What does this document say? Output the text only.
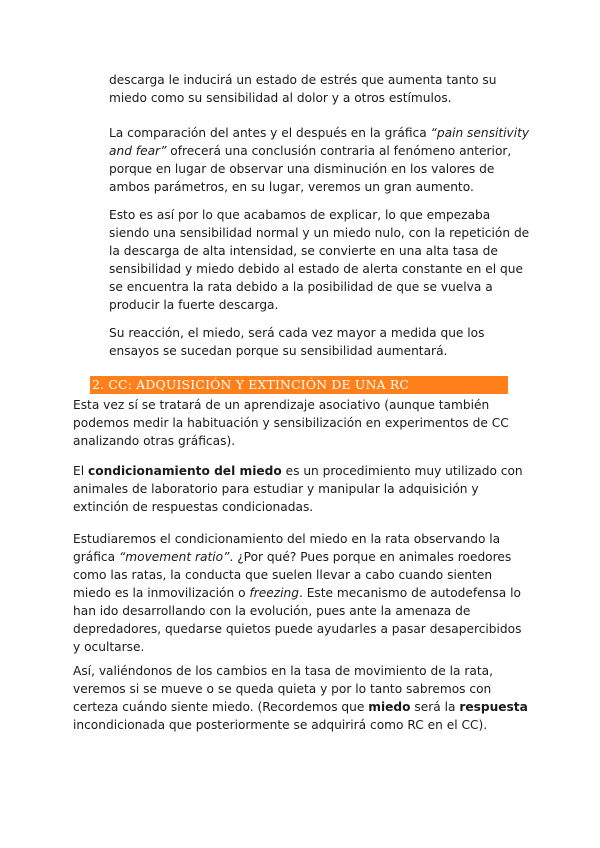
descarga le inducirá un estado de estrés que aumenta tanto su

miedo como su sensibilidad al dolor y a otros estímulos.

La comparación del antes y el después en la gráfica “pain sensitivity

and fear” ofrecerá una conclusión contraria al fenómeno anterior,

porque en lugar de observar una disminución en los valores de

ambos parámetros, en su lugar, veremos un gran aumento.

Esto es así por lo que acabamos de explicar, lo que empezaba

siendo una sensibilidad normal y un miedo nulo, con la repetición de

la descarga de alta intensidad, se convierte en una alta tasa de

sensibilidad y miedo debido al estado de alerta constante en el que

se encuentra la rata debido a la posibilidad de que se vuelva a

producir la fuerte descarga.

Su reacción, el miedo, será cada vez mayor a medida que los

ensayos se sucedan porque su sensibilidad aumentará.

2. CC: ADQUISICIÓN Y EXTINCIÓN DE UNA RC

Esta vez sí se tratará de un aprendizaje asociativo (aunque también

podemos medir la habituación y sensibilización en experimentos de CC

analizando otras gráficas).

El condicionamiento del miedo es un procedimiento muy utilizado con

animales de laboratorio para estudiar y manipular la adquisición y

extinción de respuestas condicionadas.

Estudiaremos el condicionamiento del miedo en la rata observando la

gráfica “movement ratio”. ¿Por qué? Pues porque en animales roedores

como las ratas, la conducta que suelen llevar a cabo cuando sienten

miedo es la inmovilización o freezing. Este mecanismo de autodefensa lo

han ido desarrollando con la evolución, pues ante la amenaza de

depredadores, quedarse quietos puede ayudarles a pasar desapercibidos

y ocultarse.

Así, valiéndonos de los cambios en la tasa de movimiento de la rata,

veremos si se mueve o se queda quieta y por lo tanto sabremos con

certeza cuándo siente miedo. (Recordemos que miedo será la respuesta

incondicionada que posteriormente se adquirirá como RC en el CC).
